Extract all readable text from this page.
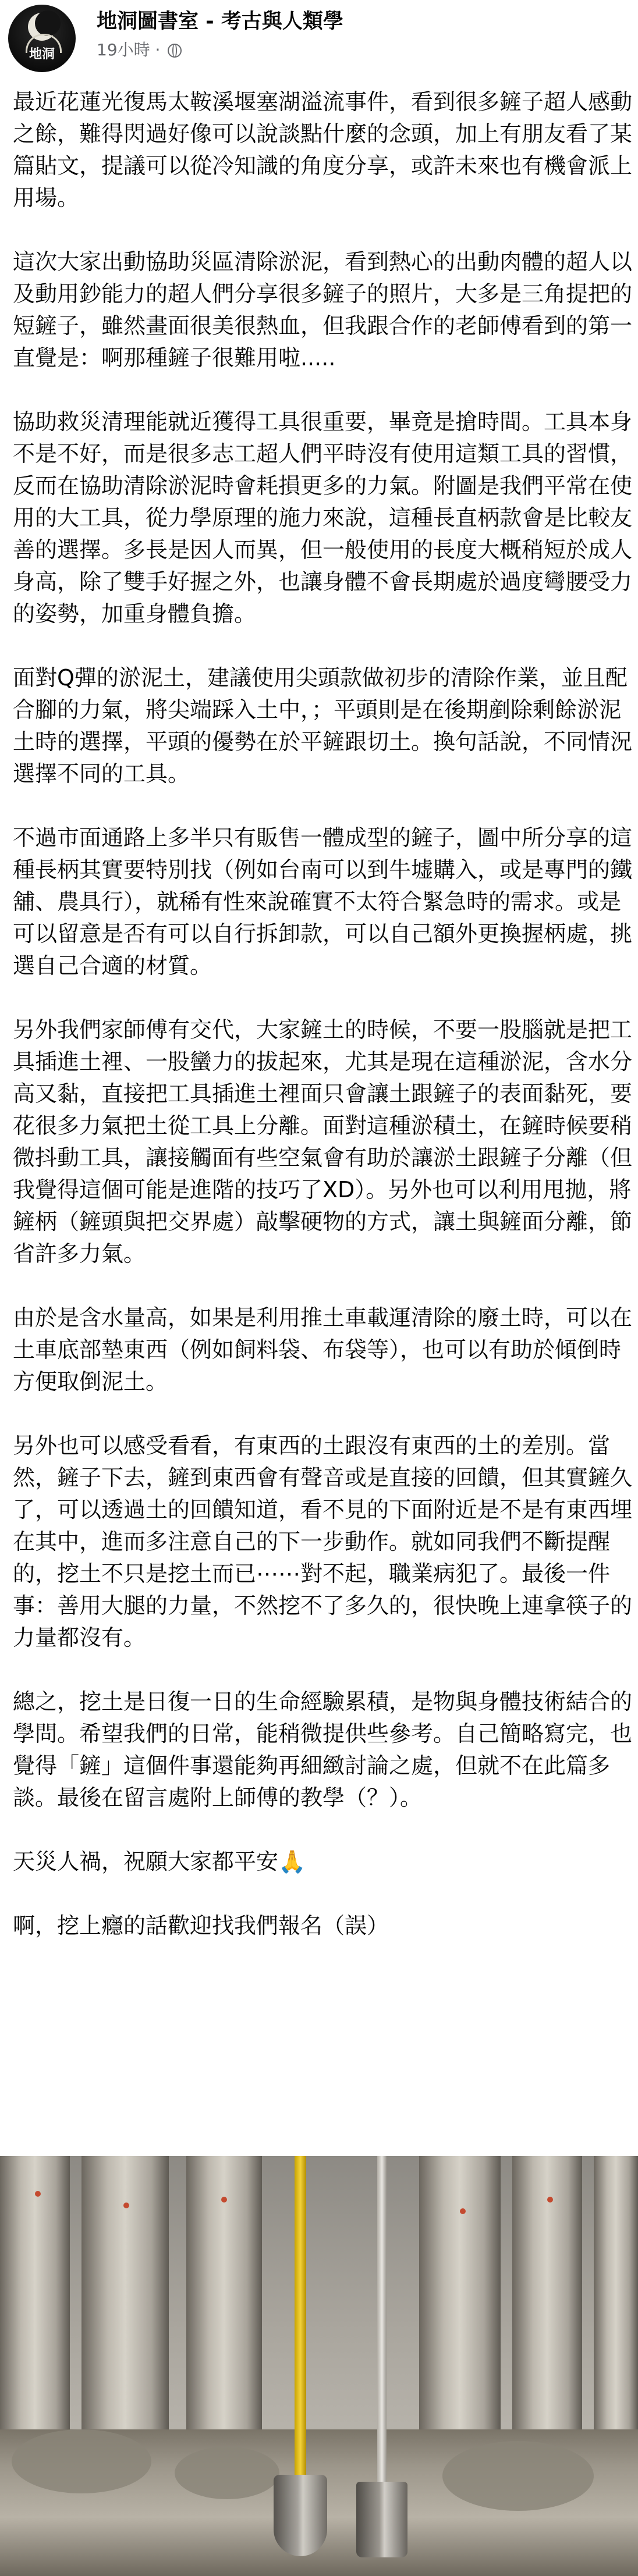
地洞
地洞圖書室 - 考古與人類學
19小時 ·

最近花蓮光復馬太鞍溪堰塞湖溢流事件，看到很多鏟子超人感動之餘，難得閃過好像可以說談點什麼的念頭，加上有朋友看了某篇貼文，提議可以從冷知識的角度分享，或許未來也有機會派上用場。

這次大家出動協助災區清除淤泥，看到熱心的出動肉體的超人以及動用鈔能力的超人們分享很多鏟子的照片，大多是三角提把的短鏟子，雖然畫面很美很熱血，但我跟合作的老師傅看到的第一直覺是：啊那種鏟子很難用啦.....

協助救災清理能就近獲得工具很重要，畢竟是搶時間。工具本身不是不好，而是很多志工超人們平時沒有使用這類工具的習慣，反而在協助清除淤泥時會耗損更多的力氣。附圖是我們平常在使用的大工具，從力學原理的施力來說，這種長直柄款會是比較友善的選擇。多長是因人而異，但一般使用的長度大概稍短於成人身高，除了雙手好握之外，也讓身體不會長期處於過度彎腰受力的姿勢，加重身體負擔。

面對Q彈的淤泥土，建議使用尖頭款做初步的清除作業，並且配合腳的力氣，將尖端踩入土中，；平頭則是在後期剷除剩餘淤泥土時的選擇，平頭的優勢在於平鏟跟切土。換句話說，不同情況選擇不同的工具。

不過市面通路上多半只有販售一體成型的鏟子，圖中所分享的這種長柄其實要特別找（例如台南可以到牛墟購入，或是專門的鐵舖、農具行），就稀有性來說確實不太符合緊急時的需求。或是可以留意是否有可以自行拆卸款，可以自己額外更換握柄處，挑選自己合適的材質。

另外我們家師傅有交代，大家鏟土的時候，不要一股腦就是把工具插進土裡、一股蠻力的拔起來，尤其是現在這種淤泥，含水分高又黏，直接把工具插進土裡面只會讓土跟鏟子的表面黏死，要花很多力氣把土從工具上分離。面對這種淤積土，在鏟時候要稍微抖動工具，讓接觸面有些空氣會有助於讓淤土跟鏟子分離（但我覺得這個可能是進階的技巧了XD）。另外也可以利用甩拋，將鏟柄（鏟頭與把交界處）敲擊硬物的方式，讓土與鏟面分離，節省許多力氣。

由於是含水量高，如果是利用推土車載運清除的廢土時，可以在土車底部墊東西（例如飼料袋、布袋等），也可以有助於傾倒時方便取倒泥土。

另外也可以感受看看，有東西的土跟沒有東西的土的差別。當然，鏟子下去，鏟到東西會有聲音或是直接的回饋，但其實鏟久了，可以透過土的回饋知道，看不見的下面附近是不是有東西埋在其中，進而多注意自己的下一步動作。就如同我們不斷提醒的，挖土不只是挖土而已⋯⋯對不起，職業病犯了。最後一件事：善用大腿的力量，不然挖不了多久的，很快晚上連拿筷子的力量都沒有。

總之，挖土是日復一日的生命經驗累積，是物與身體技術結合的學問。希望我們的日常，能稍微提供些參考。自己簡略寫完，也覺得「鏟」這個件事還能夠再細緻討論之處，但就不在此篇多談。最後在留言處附上師傅的教學（？）。

天災人禍，祝願大家都平安🙏

啊，挖上癮的話歡迎找我們報名（誤）
